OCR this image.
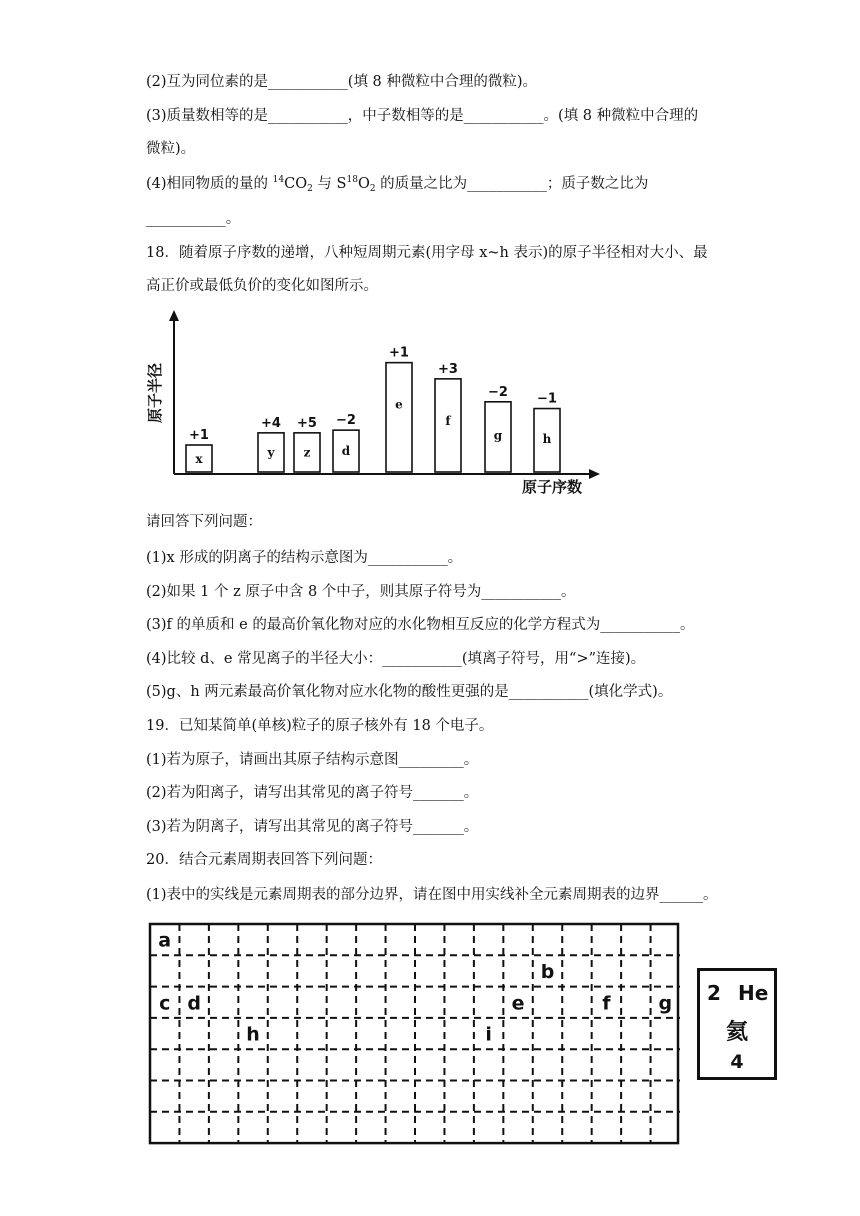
(2)互为同位素的是___________(填 8 种微粒中合理的微粒)。
(3)质量数相等的是___________，中子数相等的是___________。(填 8 种微粒中合理的
微粒)。
(4)相同物质的量的 $^{14}CO_2$ 与 $S^{18}O_2$ 的质量之比为___________；质子数之比为
___________。
18．随着原子序数的递增，八种短周期元素(用字母 x~h 表示)的原子半径相对大小、最
高正价或最低负价的变化如图所示。
原子半径
原子序数
x
+1
y
+4
z
+5
d
−2
e
+1
f
+3
g
−2
h
−1
请回答下列问题：
(1)x 形成的阴离子的结构示意图为___________。
(2)如果 1 个 z 原子中含 8 个中子，则其原子符号为___________。
(3)f 的单质和 e 的最高价氧化物对应的水化物相互反应的化学方程式为___________。
(4)比较 d、e 常见离子的半径大小：___________(填离子符号，用“>”连接)。
(5)g、h 两元素最高价氧化物对应水化物的酸性更强的是___________(填化学式)。
19．已知某简单(单核)粒子的原子核外有 18 个电子。
(1)若为原子，请画出其原子结构示意图_________。
(2)若为阳离子，请写出其常见的离子符号_______。
(3)若为阴离子，请写出其常见的离子符号_______。
20．结合元素周期表回答下列问题：
(1)表中的实线是元素周期表的部分边界，请在图中用实线补全元素周期表的边界______。
a
b
c d	e	f	g
h	i
2 He
氦
4
